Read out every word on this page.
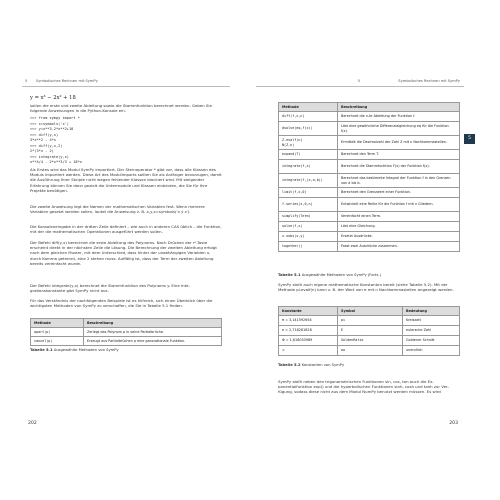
5 Symbolisches Rechnen mit SymPy
y = x³ − 2x² + 18

sollen die erste und zweite Ableitung sowie die Stammfunktion berechnet werden. Geben Sie folgende Anweisungen in die Python-Konsole ein.

>>> from sympy import *
>>> x=symbols('x')
>>> y=x**3-2*x**2+18
>>> diff(y,x)
3*x**2 - 4*x
>>> diff(y,x,2)
2*(3*x - 2)
>>> integrate(y,x)
x**4/4 - 2*x**3/3 + 18*x

Als Erstes wird das Modul SymPy importiert. Der Sternoperator * gibt vor, dass alle Klassen des Moduls importiert werden. Diese Art des Modulimports sollten Sie als Anfänger bevorzugen, damit die Ausführung Ihrer Skripte nicht wegen fehlender Klassen blockiert wird. Mit steigender Erfahrung können Sie dann gezielt die Untermodule und Klassen einbinden, die Sie für Ihre Projekte benötigen.

Die zweite Anweisung legt die Namen der mathematischen Variablen fest. Wenn mehrere Variablen gesetzt werden sollen, lautet die Anweisung z. B. x,y,z=symbols('x y z').

Die Konsoleneingabe in der dritten Zeile definiert – wie auch in anderen CAS üblich – die Funktion, mit der die mathematischen Operationen ausgeführt werden sollen.

Der Befehl diff(y,x) berechnet die erste Ableitung des Polynoms. Nach Drücken der ↵-Taste erscheint direkt in der nächsten Zeile die Lösung. Die Berechnung der zweiten Ableitung erfolgt nach dem gleichen Muster, mit dem Unterschied, dass hinter der unabhängigen Variablen x, durch Komma getrennt, eine 2 stehen muss. Auffällig ist, dass der Term der zweiten Ableitung bereits vereinfacht wurde.

Der Befehl integrate(y,x) berechnet die Stammfunktion des Polynoms y. Eine Integrationskonstante gibt SymPy nicht aus.

Für das Verständnis der nachfolgenden Beispiele ist es hilfreich, sich einen Überblick über die wichtigsten Methoden von SymPy zu verschaffen, die Sie in Tabelle 5.1 finden.

Methode	Beschreibung
apart(p)	Zerlegt das Polynom p in seine Partialbrüche.
cancel(p)	Erzeugt aus Partialbrüchen p eine ganzrationale Funktion.
Tabelle 5.1 Ausgewählte Methoden von SymPy
202
5	Symbolisches Rechnen mit SymPy
5
Methode	Beschreibung
diff(f,x,n)	Berechnet die n-te Ableitung der Funktion f.
dsolve(eq,f(x))	Löst eine gewöhnliche Differenzialgleichung eq für die Funktion f(x).
Z.evalf(n)
N(Z,n)	Ermittelt die Dezimalzahl der Zahl Z mit n Nachkommastellen.
expand(T)	Berechnet den Term T.
integrate(f,x)	Berechnet die Stammfunktion F(x) der Funktion f(x).
integrate(f,(x,a,b))	Berechnet das bestimmte Integral der Funktion f in den Grenzen von a bis b.
limit(f,x,0)	Berechnet den Grenzwert einer Funktion.
f.series(x,0,n)	Entwickelt eine Reihe für die Funktion f mit n Gliedern.
simplify(Term)	Vereinfacht einen Term.
solve(f,x)	Löst eine Gleichung.
x.subs(x,y)	Ersetzt Ausdrücke.
together()	Fasst zwei Ausdrücke zusammen.
Tabelle 5.1 Ausgewählte Methoden von SymPy (Forts.)

SymPy stellt auch eigene mathematische Konstanten bereit (siehe Tabelle 5.2). Mit der Methode pi.evalf(n) kann z. B. der Wert von π mit n Nachkommastellen angezeigt werden.

Konstante	Symbol	Bedeutung
π = 3,141592654	pi	Kreiszahl
e = 2,718281828	E	eulersche Zahl
Φ = 1,618033989	GoldenRatio	Goldener Schnitt
∞	oo	unendlich
Tabelle 5.2 Konstanten von SymPy

SymPy stellt neben den trigonometrischen Funktionen sin, cos, tan auch die Exponentialfunktion exp() und die hyperbolischen Funktionen sinh, cosh und tanh zur Verfügung, sodass diese nicht aus dem Modul NumPy benutzt werden müssen. Es wird

203
